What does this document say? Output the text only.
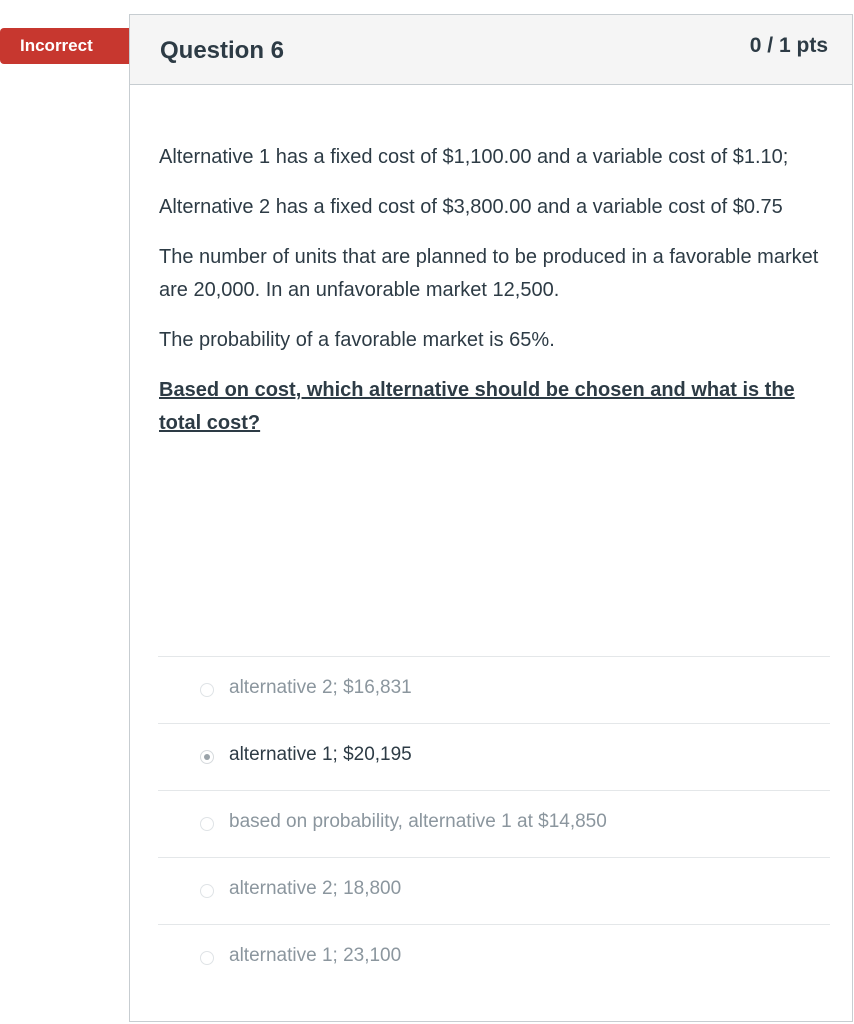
Incorrect	Question 6	0 / 1 pts

Alternative 1 has a fixed cost of $1,100.00 and a variable cost of $1.10;

Alternative 2 has a fixed cost of $3,800.00 and a variable cost of $0.75

The number of units that are planned to be produced in a favorable market are 20,000. In an unfavorable market 12,500.

The probability of a favorable market is 65%.

Based on cost, which alternative should be chosen and what is the total cost?

alternative 2; $16,831
alternative 1; $20,195
based on probability, alternative 1 at $14,850
alternative 2; 18,800
alternative 1; 23,100
